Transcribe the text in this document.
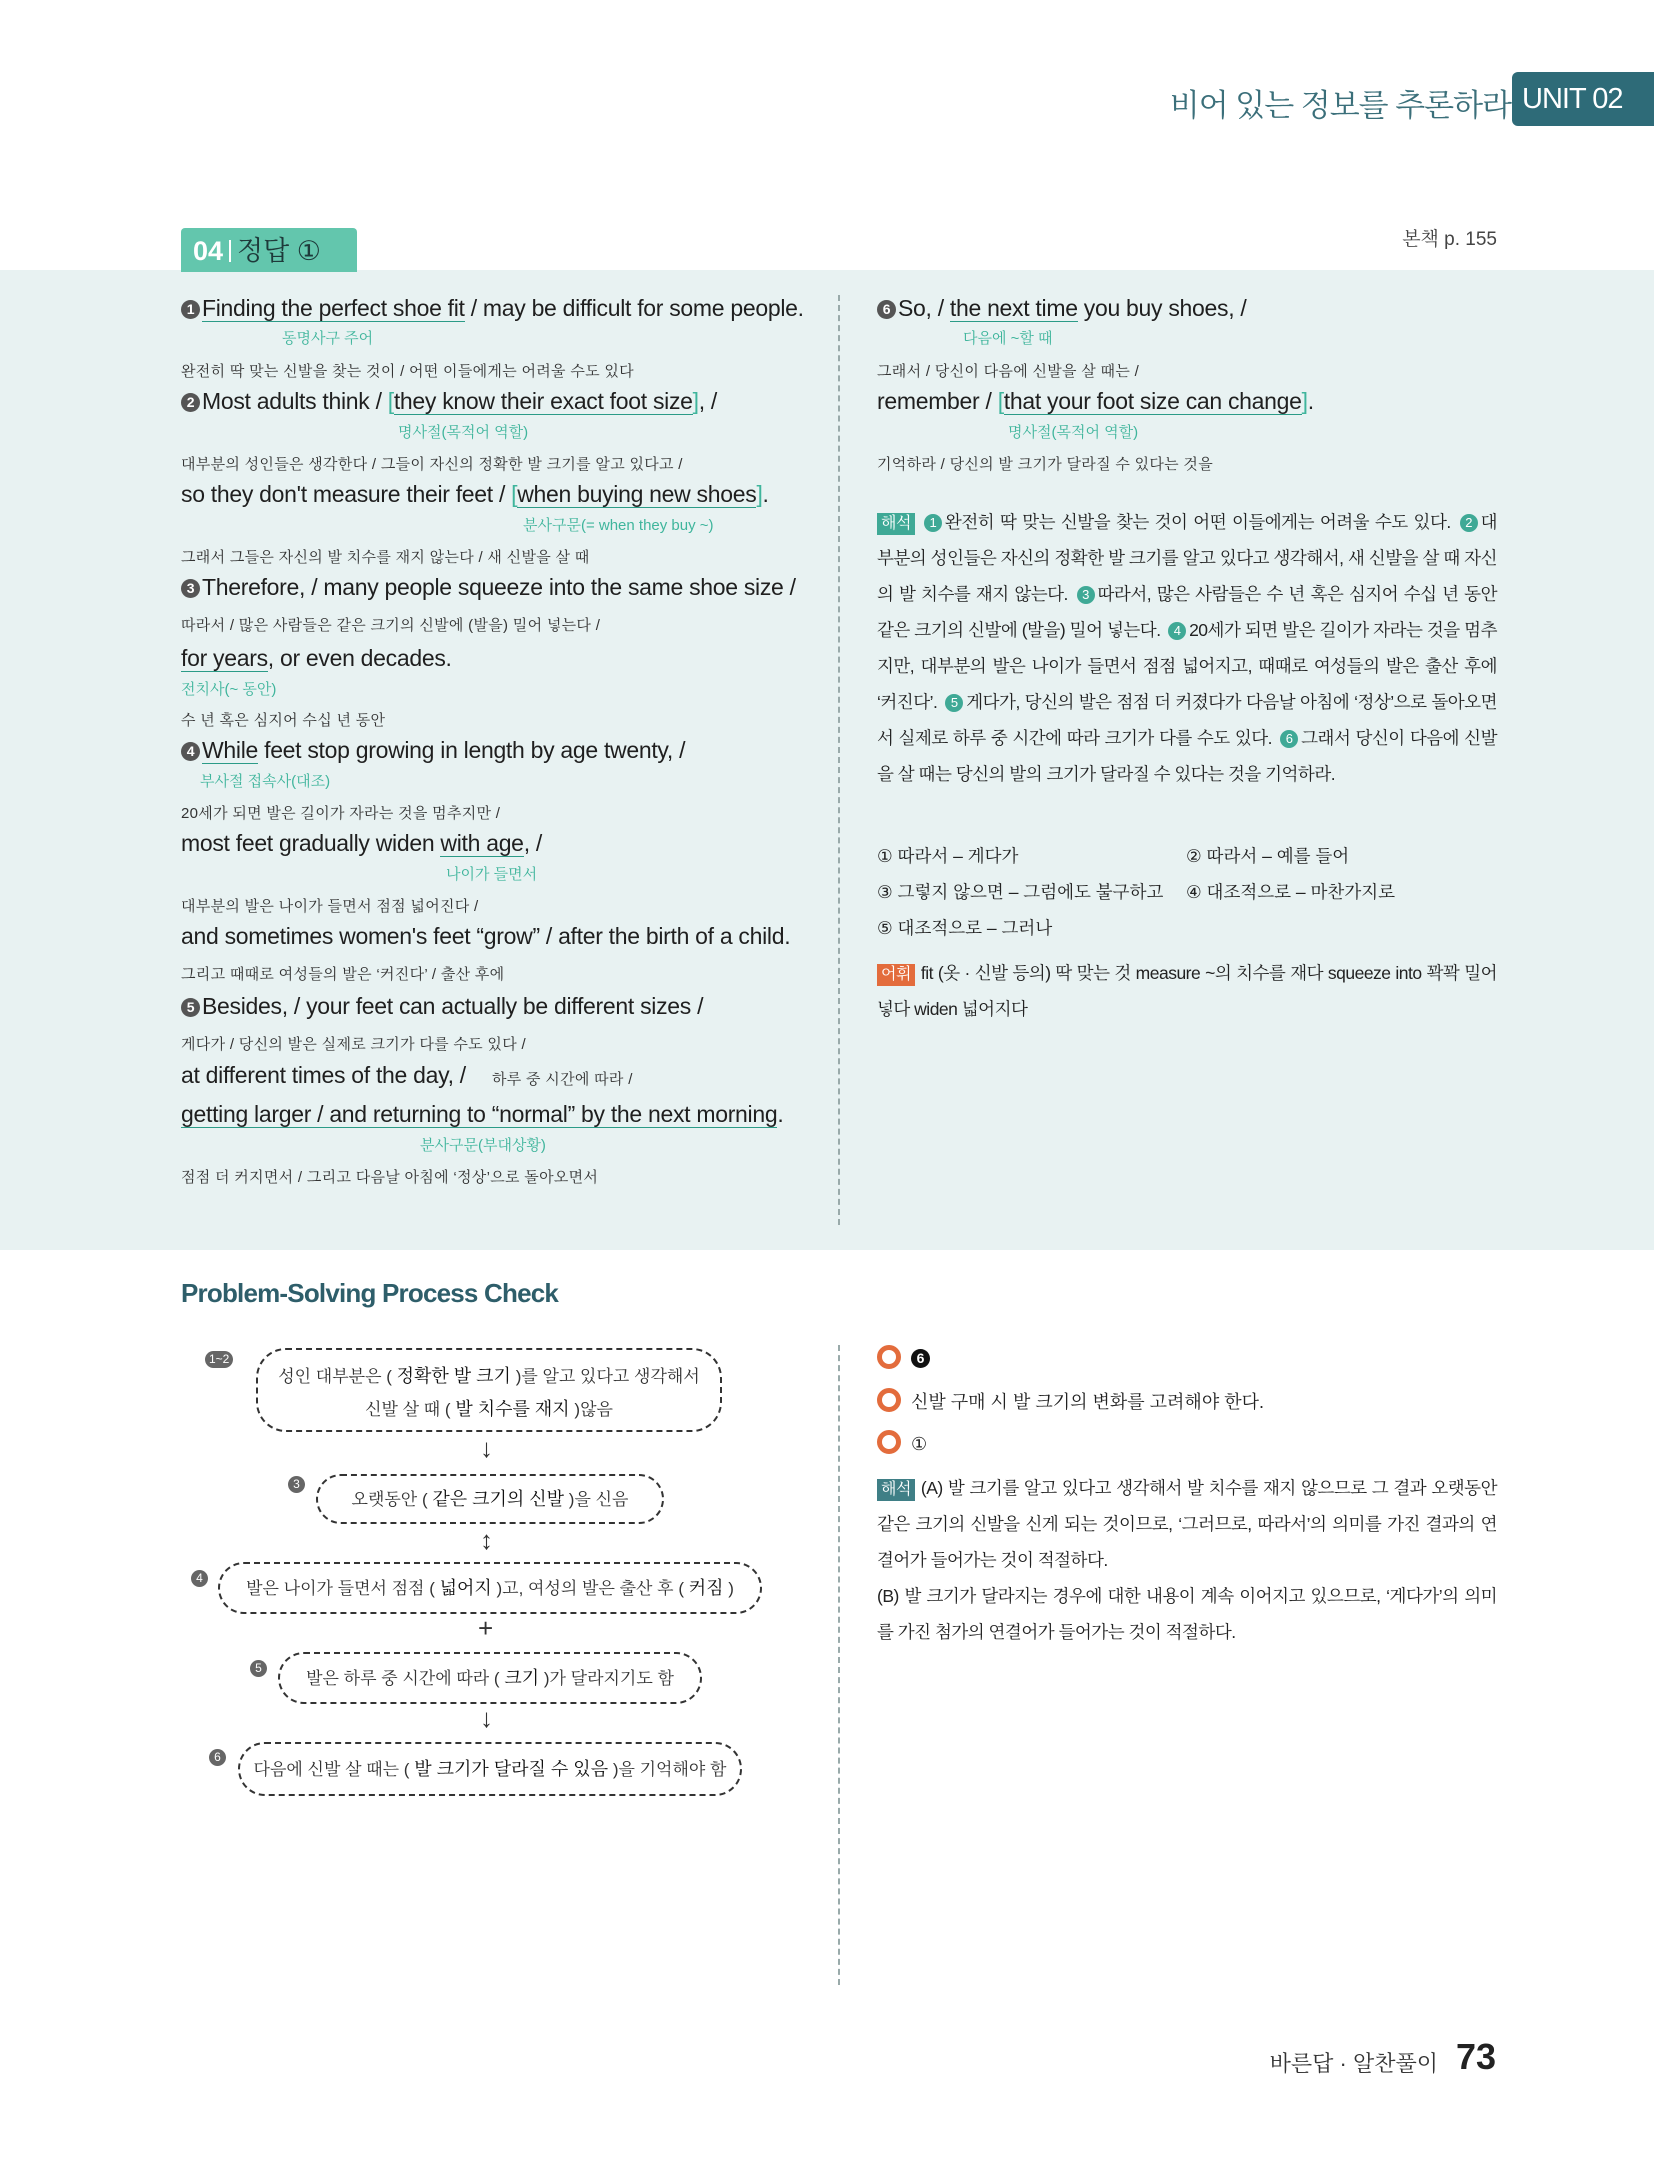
비어 있는 정보를 추론하라 UNIT 02
04 정답 ①	본책 p. 155
1 Finding the perfect shoe fit / may be difficult for some people.
동명사구 주어
완전히 딱 맞는 신발을 찾는 것이 / 어떤 이들에게는 어려울 수도 있다
2 Most adults think / [they know their exact foot size], /
명사절(목적어 역할)
대부분의 성인들은 생각한다 / 그들이 자신의 정확한 발 크기를 알고 있다고 /
so they don't measure their feet / [when buying new shoes].
분사구문(= when they buy ~)
그래서 그들은 자신의 발 치수를 재지 않는다 / 새 신발을 살 때
3 Therefore, / many people squeeze into the same shoe size /
따라서 / 많은 사람들은 같은 크기의 신발에 (발을) 밀어 넣는다 /
for years, or even decades.
전치사(~ 동안)
수 년 혹은 심지어 수십 년 동안
4 While feet stop growing in length by age twenty, /
부사절 접속사(대조)
20세가 되면 발은 길이가 자라는 것을 멈추지만 /
most feet gradually widen with age, /
나이가 들면서
대부분의 발은 나이가 들면서 점점 넓어진다 /
and sometimes women's feet “grow” / after the birth of a child.
그리고 때때로 여성들의 발은 ‘커진다’ / 출산 후에
5 Besides, / your feet can actually be different sizes /
게다가 / 당신의 발은 실제로 크기가 다를 수도 있다 /
at different times of the day, / 하루 중 시간에 따라 /
getting larger / and returning to “normal” by the next morning.
분사구문(부대상황)
점점 더 커지면서 / 그리고 다음날 아침에 ‘정상’으로 돌아오면서
6 So, / the next time you buy shoes, /
다음에 ~할 때
그래서 / 당신이 다음에 신발을 살 때는 /
remember / [that your foot size can change].
명사절(목적어 역할)
기억하라 / 당신의 발 크기가 달라질 수 있다는 것을
해석 1 완전히 딱 맞는 신발을 찾는 것이 어떤 이들에게는 어려울 수도 있다. 2 대부분의 성인들은 자신의 정확한 발 크기를 알고 있다고 생각해서, 새 신발을 살 때 자신의 발 치수를 재지 않는다. 3 따라서, 많은 사람들은 수 년 혹은 심지어 수십 년 동안 같은 크기의 신발에 (발을) 밀어 넣는다. 4 20세가 되면 발은 길이가 자라는 것을 멈추지만, 대부분의 발은 나이가 들면서 점점 넓어지고, 때때로 여성들의 발은 출산 후에 ‘커진다’. 5 게다가, 당신의 발은 점점 더 커졌다가 다음날 아침에 ‘정상’으로 돌아오면서 실제로 하루 중 시간에 따라 크기가 다를 수도 있다. 6 그래서 당신이 다음에 신발을 살 때는 당신의 발의 크기가 달라질 수 있다는 것을 기억하라.
① 따라서 – 게다가	② 따라서 – 예를 들어
③ 그렇지 않으면 – 그럼에도 불구하고 ④ 대조적으로 – 마찬가지로
⑤ 대조적으로 – 그러나
어휘 fit (옷 · 신발 등의) 딱 맞는 것 measure ~의 치수를 재다 squeeze into 꽉꽉 밀어 넣다 widen 넓어지다
Problem-Solving Process Check
1~2
성인 대부분은 ( 정확한 발 크기 )를 알고 있다고 생각해서
신발 살 때 ( 발 치수를 재지 )않음
↓
3
오랫동안 ( 같은 크기의 신발 )을 신음
↕
4
발은 나이가 들면서 점점 ( 넓어지 )고, 여성의 발은 출산 후 ( 커짐 )
+
5
발은 하루 중 시간에 따라 ( 크기 )가 달라지기도 함
↓
6
다음에 신발 살 때는 ( 발 크기가 달라질 수 있음 )을 기억해야 함
6
신발 구매 시 발 크기의 변화를 고려해야 한다.
①
해석 (A) 발 크기를 알고 있다고 생각해서 발 치수를 재지 않으므로 그 결과 오랫동안 같은 크기의 신발을 신게 되는 것이므로, ‘그러므로, 따라서’의 의미를 가진 결과의 연결어가 들어가는 것이 적절하다.
(B) 발 크기가 달라지는 경우에 대한 내용이 계속 이어지고 있으므로, ‘게다가’의 의미를 가진 첨가의 연결어가 들어가는 것이 적절하다.
바른답 · 알찬풀이 73
